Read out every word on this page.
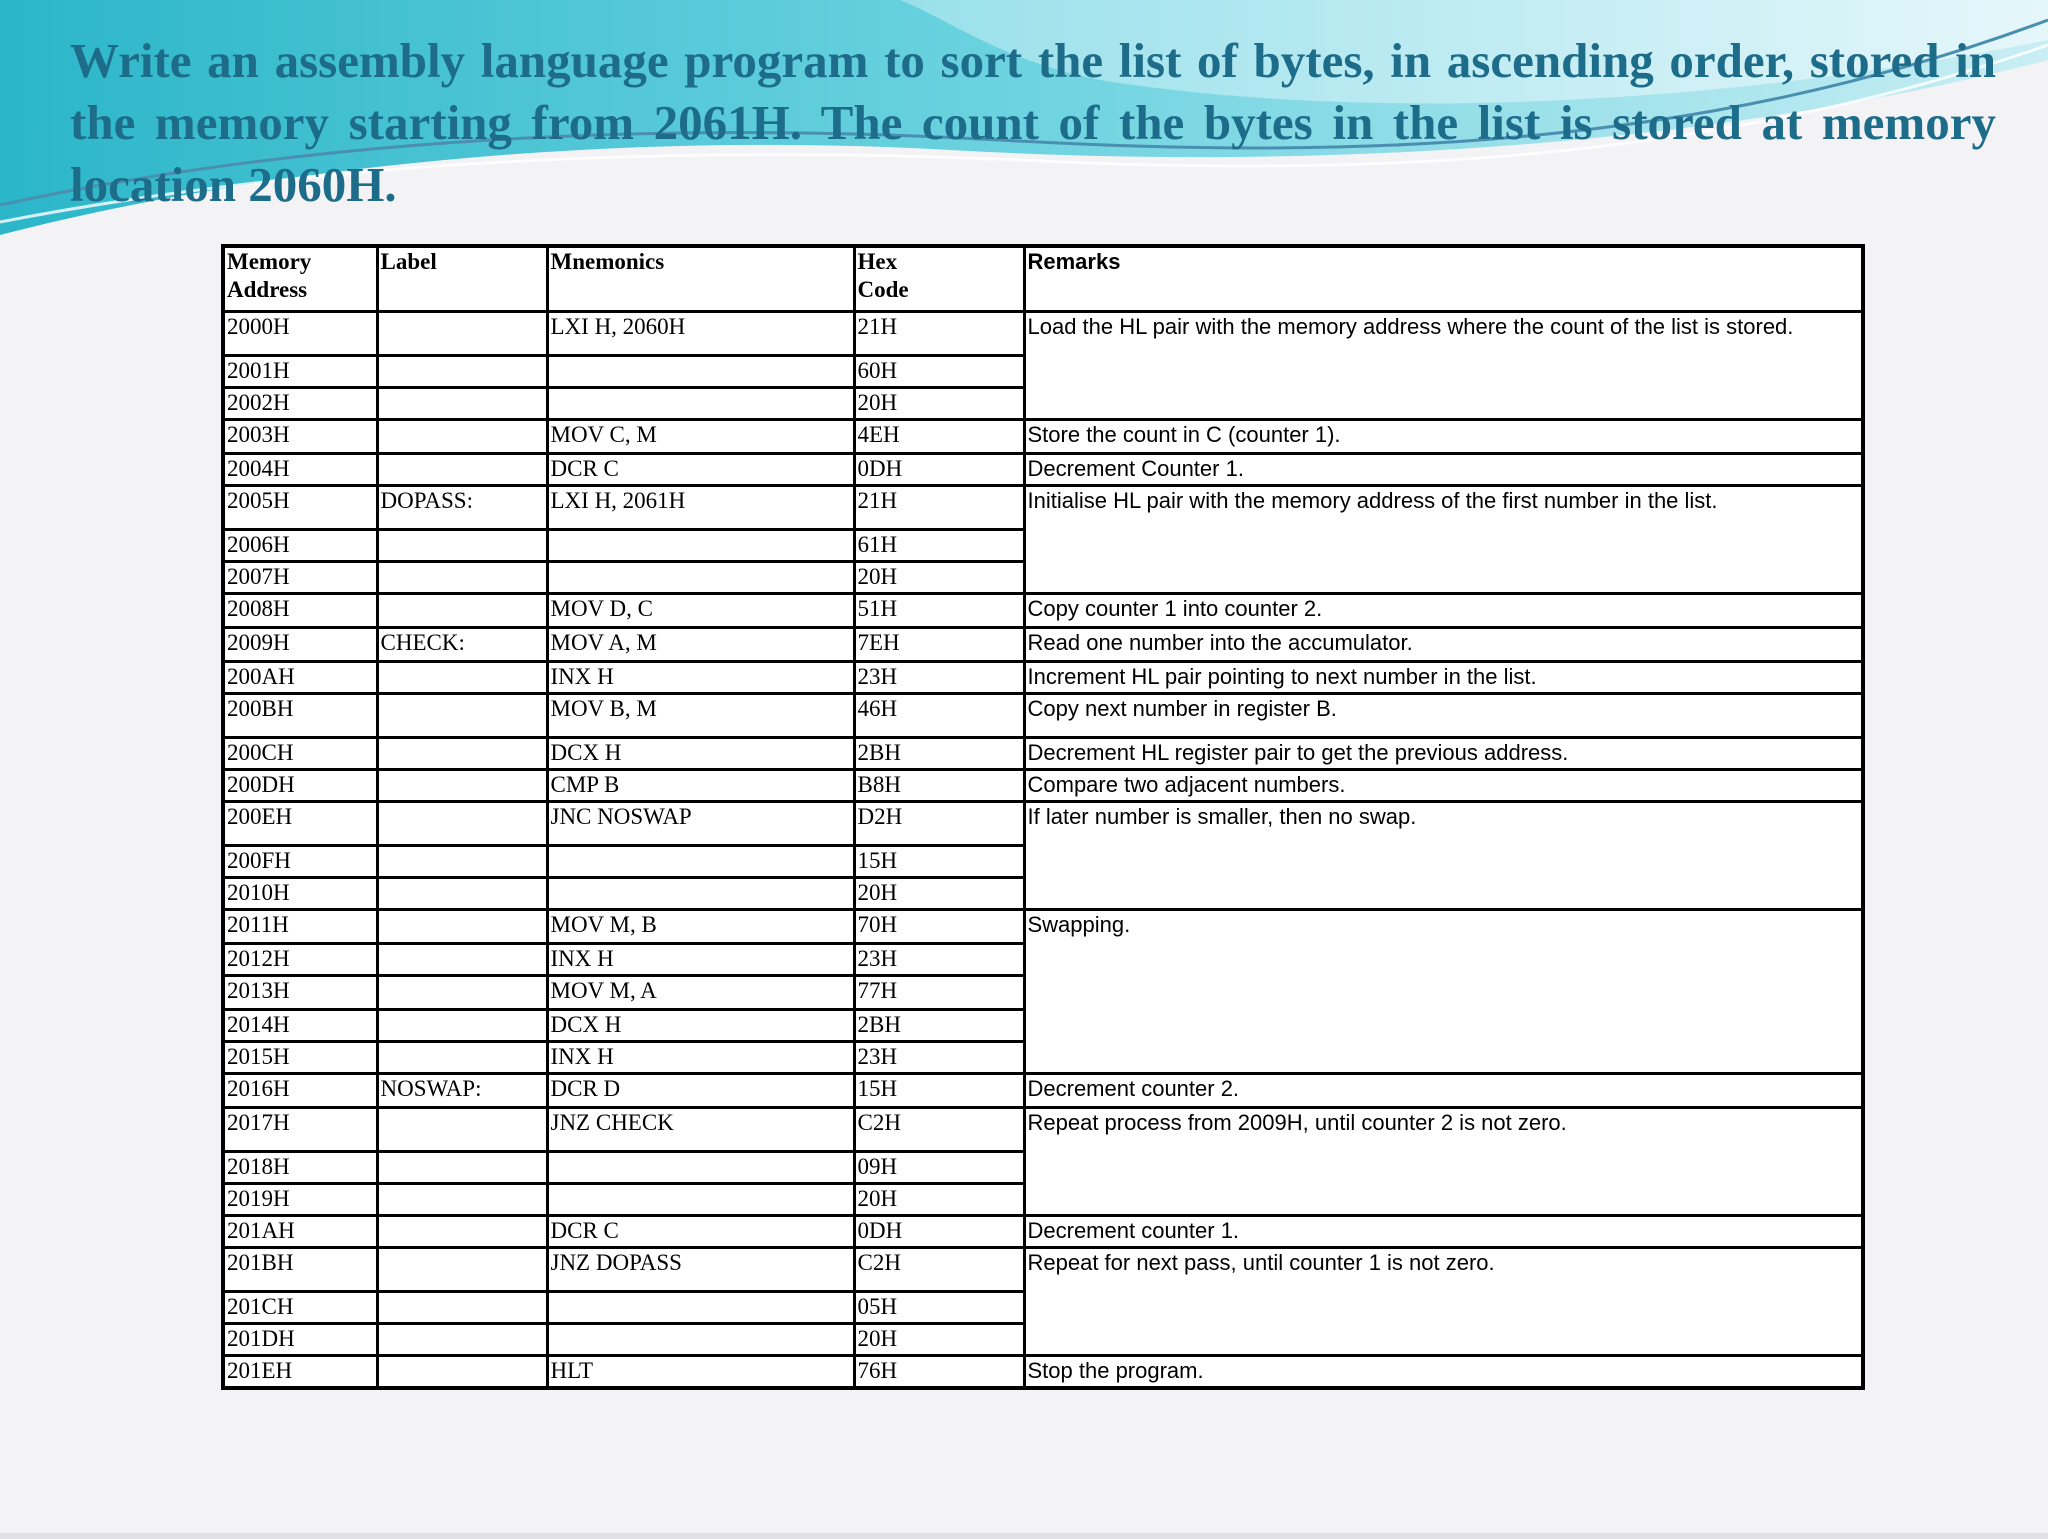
Write an assembly language program to sort the list of bytes, in ascending order, stored in the memory starting from 2061H. The count of the bytes in the list is stored at memory location 2060H.
Memory Address	Label	Mnemonics	Hex Code	Remarks
2000H		LXI H, 2060H	21H	Load the HL pair with the memory address where the count of the list is stored.
2001H			60H	
2002H			20H	
2003H		MOV C, M	4EH	Store the count in C (counter 1).
2004H		DCR C	0DH	Decrement Counter 1.
2005H	DOPASS:	LXI H, 2061H	21H	Initialise HL pair with the memory address of the first number in the list.
2006H			61H	
2007H			20H	
2008H		MOV D, C	51H	Copy counter 1 into counter 2.
2009H	CHECK:	MOV A, M	7EH	Read one number into the accumulator.
200AH		INX H	23H	Increment HL pair pointing to next number in the list.
200BH		MOV B, M	46H	Copy next number in register B.
200CH		DCX H	2BH	Decrement HL register pair to get the previous address.
200DH		CMP B	B8H	Compare two adjacent numbers.
200EH		JNC NOSWAP	D2H	If later number is smaller, then no swap.
200FH			15H	
2010H			20H	
2011H		MOV M, B	70H	Swapping.
2012H		INX H	23H	
2013H		MOV M, A	77H	
2014H		DCX H	2BH	
2015H		INX H	23H	
2016H	NOSWAP:	DCR D	15H	Decrement counter 2.
2017H		JNZ CHECK	C2H	Repeat process from 2009H, until counter 2 is not zero.
2018H			09H	
2019H			20H	
201AH		DCR C	0DH	Decrement counter 1.
201BH		JNZ DOPASS	C2H	Repeat for next pass, until counter 1 is not zero.
201CH			05H	
201DH			20H	
201EH		HLT	76H	Stop the program.
